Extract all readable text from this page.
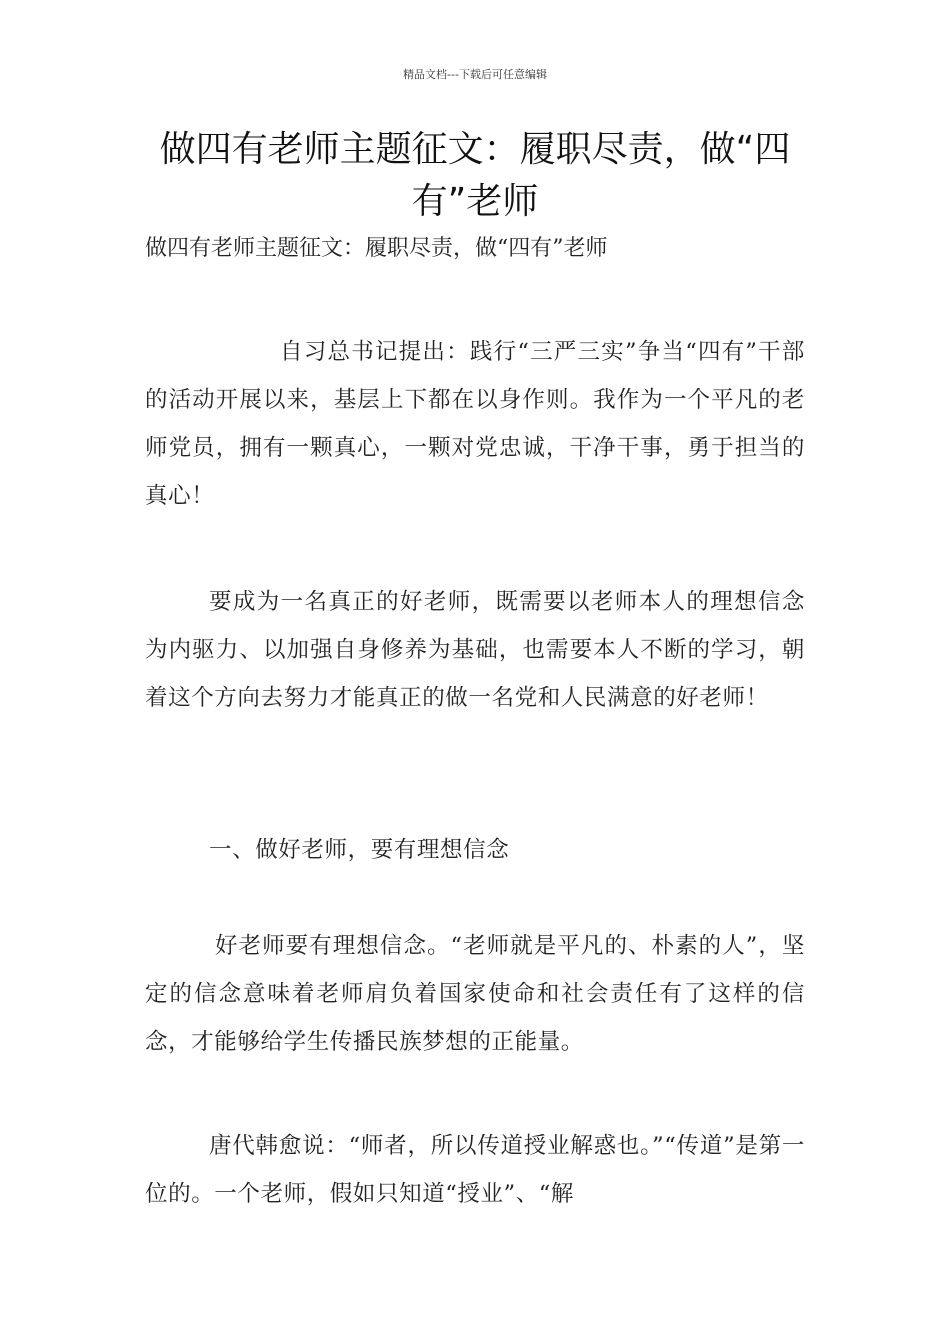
精品文档---下载后可任意编辑
做四有老师主题征文：履职尽责，做“四有”老师
做四有老师主题征文：履职尽责，做“四有”老师
自习总书记提出：践行“三严三实”争当“四有”干部的活动开展以来，基层上下都在以身作则。我作为一个平凡的老师党员，拥有一颗真心，一颗对党忠诚，干净干事，勇于担当的真心！
要成为一名真正的好老师，既需要以老师本人的理想信念为内驱力、以加强自身修养为基础，也需要本人不断的学习，朝着这个方向去努力才能真正的做一名党和人民满意的好老师！
一、做好老师，要有理想信念
好老师要有理想信念。“老师就是平凡的、朴素的人”，坚定的信念意味着老师肩负着国家使命和社会责任有了这样的信念，才能够给学生传播民族梦想的正能量。
唐代韩愈说：“师者，所以传道授业解惑也。”“传道”是第一位的。一个老师，假如只知道“授业”、“解
